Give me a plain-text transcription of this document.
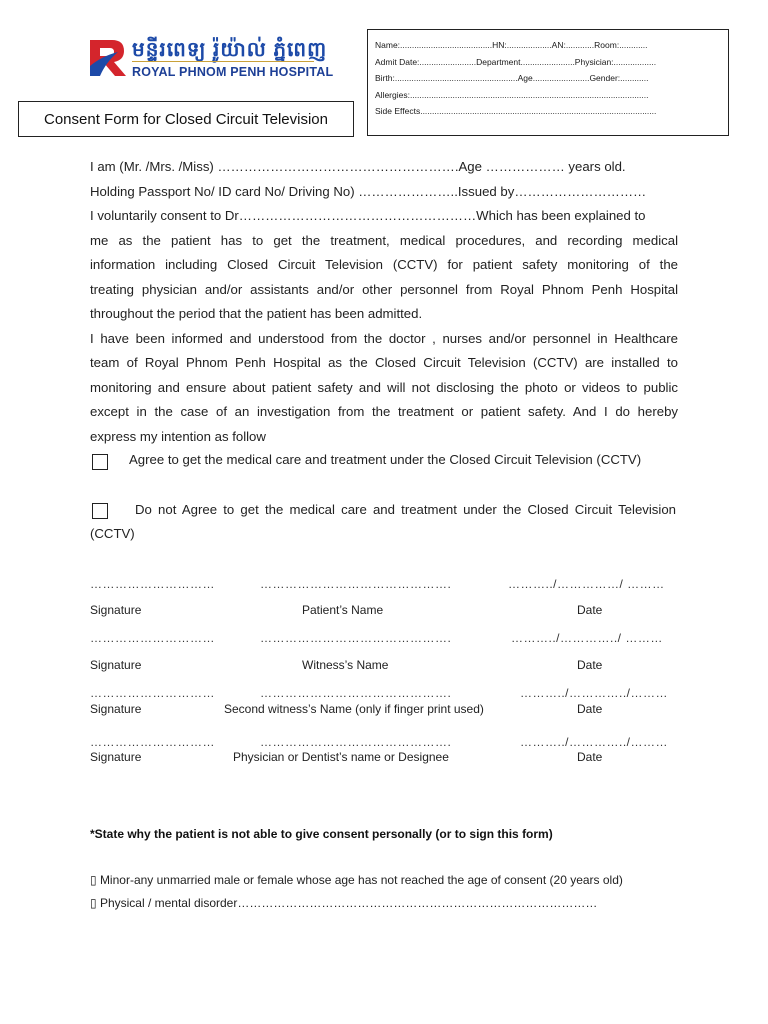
មន្ទីរពេទ្យ រ៉ូយ៉ាល់ ភ្នំពេញ
ROYAL PHNOM PENH HOSPITAL
Consent Form for Closed Circuit Television
Name:.......................................HN:...................AN:............Room:............
Admit Date:........................Department.......................Physician:..................
Birth:....................................................Age........................Gender:............
Allergies:.....................................................................................................
Side Effects....................................................................................................
I am (Mr. /Mrs. /Miss) ……………………………………………….Age ……………… years old.
Holding Passport No/ ID card No/ Driving No) …………………..Issued by…………………………
I voluntarily consent to Dr………………………………………………Which has been explained to
me as the patient has to get the treatment, medical procedures, and recording medical
information including Closed Circuit Television (CCTV) for patient safety monitoring of the
treating physician and/or assistants and/or other personnel from Royal Phnom Penh Hospital
throughout the period that the patient has been admitted.
I have been informed and understood from the doctor , nurses and/or personnel in Healthcare
team of Royal Phnom Penh Hospital as the Closed Circuit Television (CCTV) are installed to
monitoring and ensure about patient safety and will not disclosing the photo or videos to public
except in the case of an investigation from the treatment or patient safety. And I do hereby
express my intention as follow
Agree to get the medical care and treatment under the Closed Circuit Television (CCTV)
Do not Agree to get the medical care and treatment under the Closed Circuit Television
(CCTV)
…………………………	……………………………………….	………../……………/ ………
Signature	Patient’s Name	Date
…………………………	……………………………………….	………../…………../ ………
Signature	Witness’s Name	Date
…………………………	……………………………………….	………../…………../………
Signature	Second witness’s Name (only if finger print used)	Date
…………………………	……………………………………….	………../…………../………
Signature	Physician or Dentist’s name or Designee	Date
*State why the patient is not able to give consent personally (or to sign this form)
▯ Minor-any unmarried male or female whose age has not reached the age of consent (20 years old)
▯ Physical / mental disorder………………………………………………………………………………
